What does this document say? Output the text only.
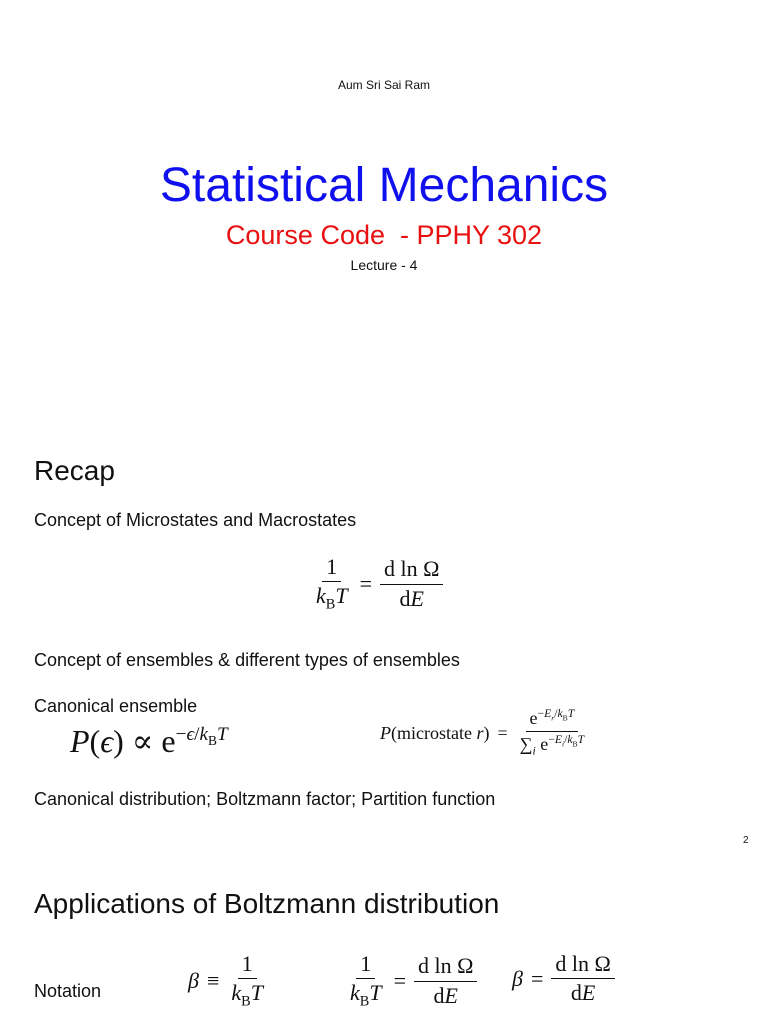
Aum Sri Sai Ram
Statistical Mechanics
Course Code  - PPHY 302
Lecture - 4
Recap
Concept of Microstates and Macrostates
$\frac{1}{k_BT} = \frac{\text{d ln Ω}}{dE}$
Concept of ensembles & different types of ensembles
Canonical ensemble
$P(\epsilon) \propto e^{-\epsilon/k_BT}$	P(microstate $r) = \frac{e^{-E_r/k_BT}}{\sum_i e^{-E_i/k_BT}}$
Canonical distribution; Boltzmann factor; Partition function
2
Applications of Boltzmann distribution
Notation	$\beta \equiv \frac{1}{k_BT}$	$\frac{1}{k_BT} = \frac{\text{d ln Ω}}{dE}$ $\beta = \frac{\text{d ln Ω}}{dE}$
